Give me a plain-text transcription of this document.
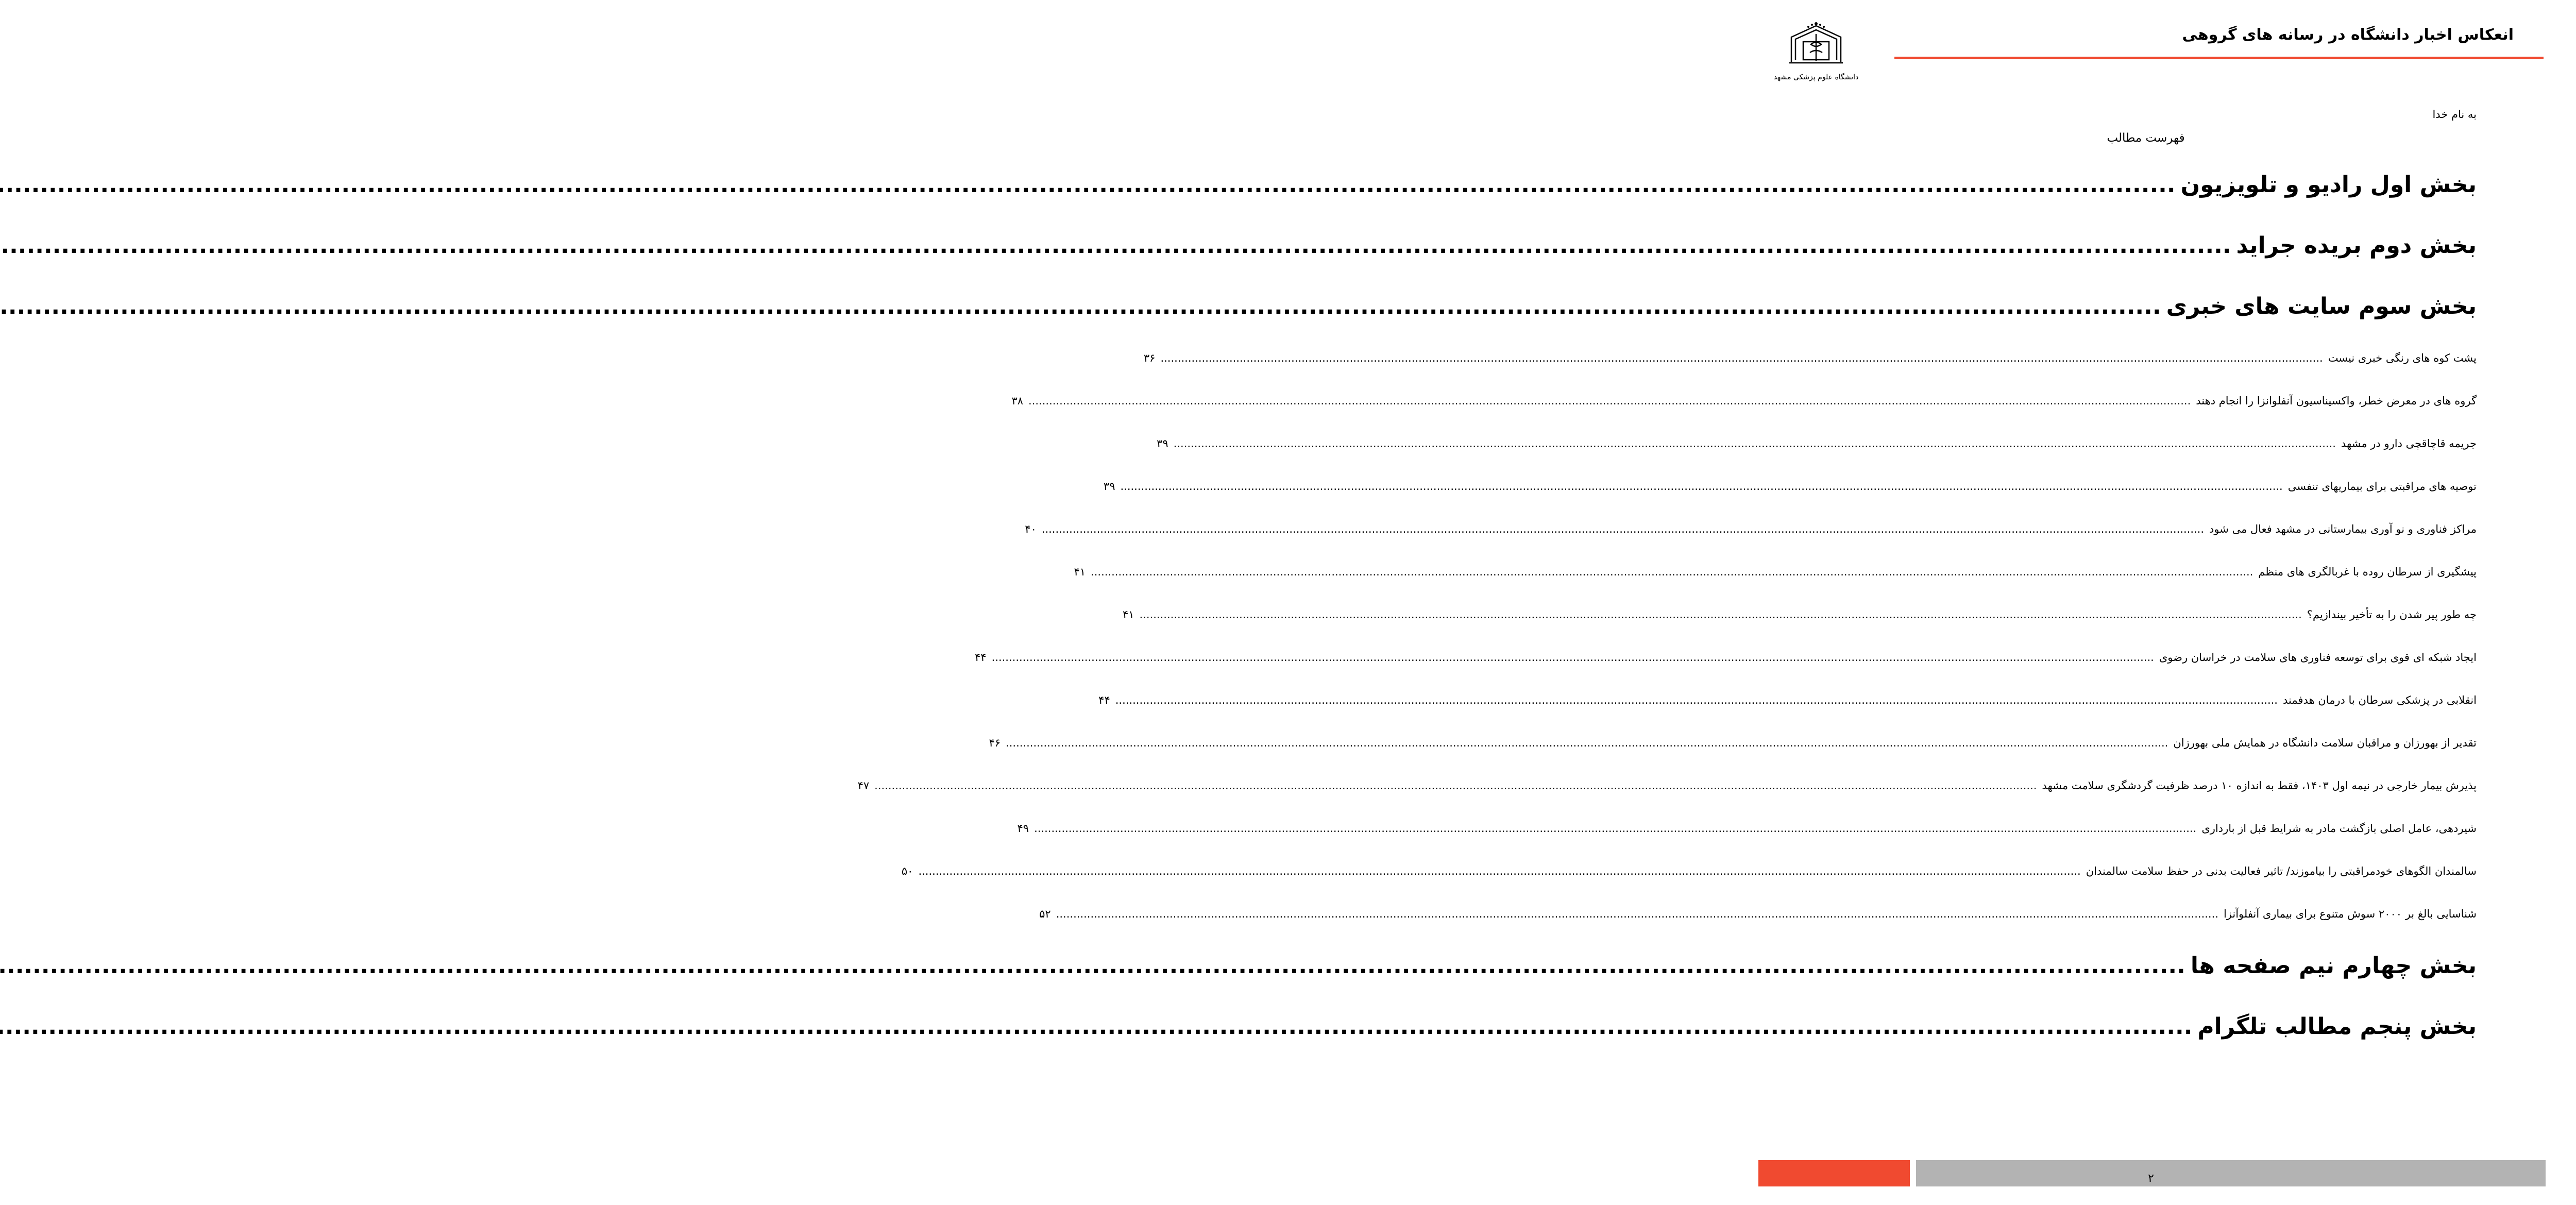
انعکاس اخبار دانشگاه در رسانه های گروهی
دانشگاه علوم پزشکی مشهد

به نام خدا

فهرست مطالب

بخش اول رادیو و تلویزیون
.....
بخش دوم بریده جراید
.....
بخش سوم سایت های خبری
.....
پشت کوه های رنگی خبری نیست
.....
۳۶
گروه های در معرض خطر، واکسیناسیون آنفلوانزا را انجام دهند
.....
۳۸
جریمه قاچاقچی دارو در مشهد
.....
۳۹
توصیه های مراقبتی برای بیماریهای تنفسی
.....
۳۹
مراکز فناوری و نو آوری بیمارستانی در مشهد فعال می شود
.....
۴۰
پیشگیری از سرطان روده با غربالگری های منظم
.....
۴۱
چه طور پیر شدن را به تأخیر بیندازیم؟
.....
۴۱
ایجاد شبکه ای قوی برای توسعه فناوری های سلامت در خراسان رضوی
.....
۴۴
انقلابی در پزشکی سرطان با درمان هدفمند
.....
۴۴
تقدیر از بهورزان و مراقبان سلامت دانشگاه در همایش ملی بهورزان
.....
۴۶
پذیرش بیمار خارجی در نیمه اول ۱۴۰۳، فقط به اندازه ۱۰ درصد ظرفیت گردشگری سلامت مشهد
.....
۴۷
شیردهی، عامل اصلی بازگشت مادر به شرایط قبل از بارداری
.....
۴۹
سالمندان الگوهای خودمراقبتی را بیاموزند/ تاثیر فعالیت بدنی در حفظ سلامت سالمندان
.....
۵۰
شناسایی بالغ بر ۲۰۰۰ سوش متنوع برای بیماری آنفلوآنزا
.....
۵۲
بخش چهارم نیم صفحه ها
.....
بخش پنجم مطالب تلگرام
.....

۲
